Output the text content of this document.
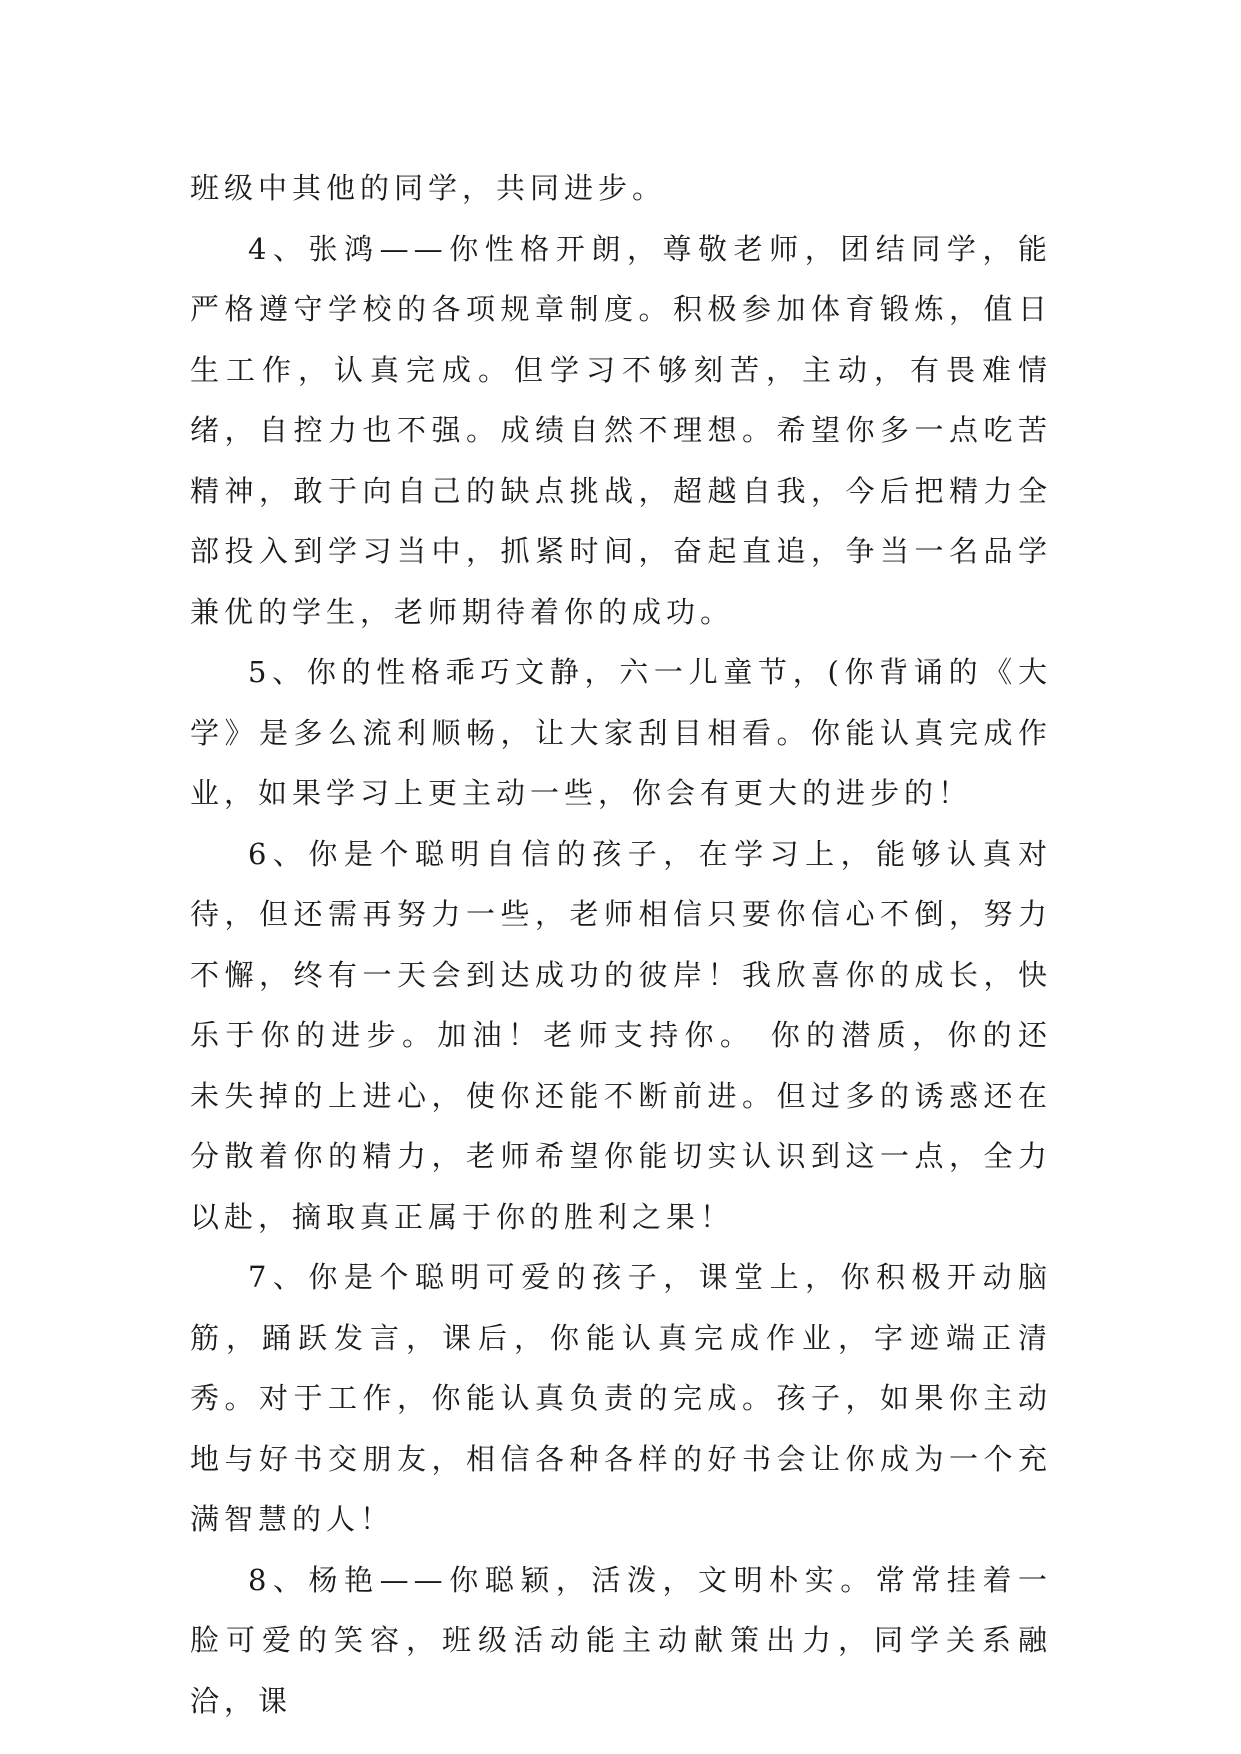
班级中其他的同学，共同进步。

4、张鸿——你性格开朗，尊敬老师，团结同学，能严格遵守学校的各项规章制度。积极参加体育锻炼，值日生工作，认真完成。但学习不够刻苦，主动，有畏难情绪，自控力也不强。成绩自然不理想。希望你多一点吃苦精神，敢于向自己的缺点挑战，超越自我，今后把精力全部投入到学习当中，抓紧时间，奋起直追，争当一名品学兼优的学生，老师期待着你的成功。

5、你的性格乖巧文静，六一儿童节，(你背诵的《大学》是多么流利顺畅，让大家刮目相看。你能认真完成作业，如果学习上更主动一些，你会有更大的进步的！

6、你是个聪明自信的孩子，在学习上，能够认真对待，但还需再努力一些，老师相信只要你信心不倒，努力不懈，终有一天会到达成功的彼岸！我欣喜你的成长，快乐于你的进步。加油！老师支持你。 你的潜质，你的还未失掉的上进心，使你还能不断前进。但过多的诱惑还在分散着你的精力，老师希望你能切实认识到这一点，全力以赴，摘取真正属于你的胜利之果！

7、你是个聪明可爱的孩子，课堂上，你积极开动脑筋，踊跃发言，课后，你能认真完成作业，字迹端正清秀。对于工作，你能认真负责的完成。孩子，如果你主动地与好书交朋友，相信各种各样的好书会让你成为一个充满智慧的人！

8、杨艳——你聪颖，活泼，文明朴实。常常挂着一脸可爱的笑容，班级活动能主动献策出力，同学关系融洽，课
